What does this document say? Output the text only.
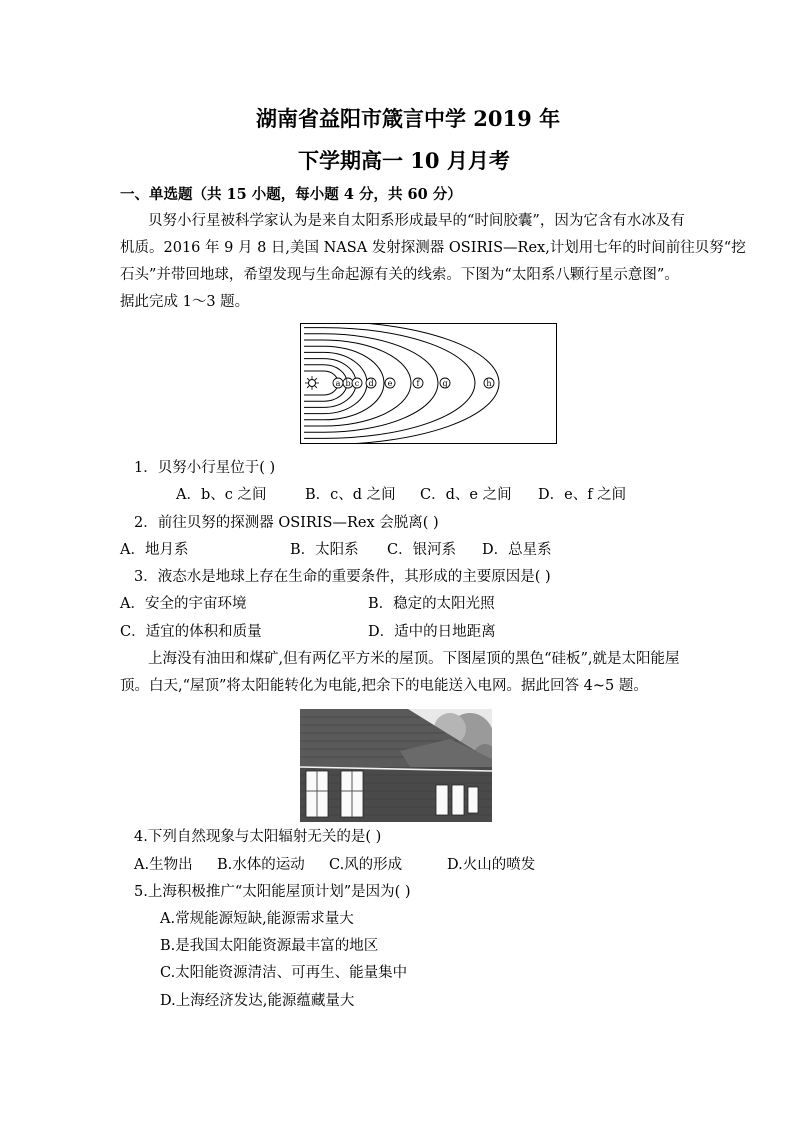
湖南省益阳市箴言中学 2019 年
下学期高一 10 月月考
一、单选题（共 15 小题，每小题 4 分，共 60 分）
贝努小行星被科学家认为是来自太阳系形成最早的“时间胶囊”，因为它含有水冰及有
机质。2016 年 9 月 8 日,美国 NASA 发射探测器 OSIRIS—Rex,计划用七年的时间前往贝努“挖
石头”并带回地球，希望发现与生命起源有关的线索。下图为“太阳系八颗行星示意图”。
据此完成 1～3 题。
a b c d e	f	g	h
1．贝努小行星位于( )
A．b、c 之间	B．c、d 之间 C．d、e 之间 D．e、f 之间
2．前往贝努的探测器 OSIRIS—Rex 会脱离( )
A．地月系	B．太阳系 C．银河系 D．总星系
3．液态水是地球上存在生命的重要条件，其形成的主要原因是( )
A．安全的宇宙环境	B．稳定的太阳光照
C．适宜的体积和质量	D．适中的日地距离
上海没有油田和煤矿,但有两亿平方米的屋顶。下图屋顶的黑色“硅板”,就是太阳能屋
顶。白天,“屋顶”将太阳能转化为电能,把余下的电能送入电网。据此回答 4~5 题。
4.下列自然现象与太阳辐射无关的是( )
A.生物出 B.水体的运动 C.风的形成	D.火山的喷发
5.上海积极推广“太阳能屋顶计划”是因为( )
A.常规能源短缺,能源需求量大
B.是我国太阳能资源最丰富的地区
C.太阳能资源清洁、可再生、能量集中
D.上海经济发达,能源蕴藏量大
